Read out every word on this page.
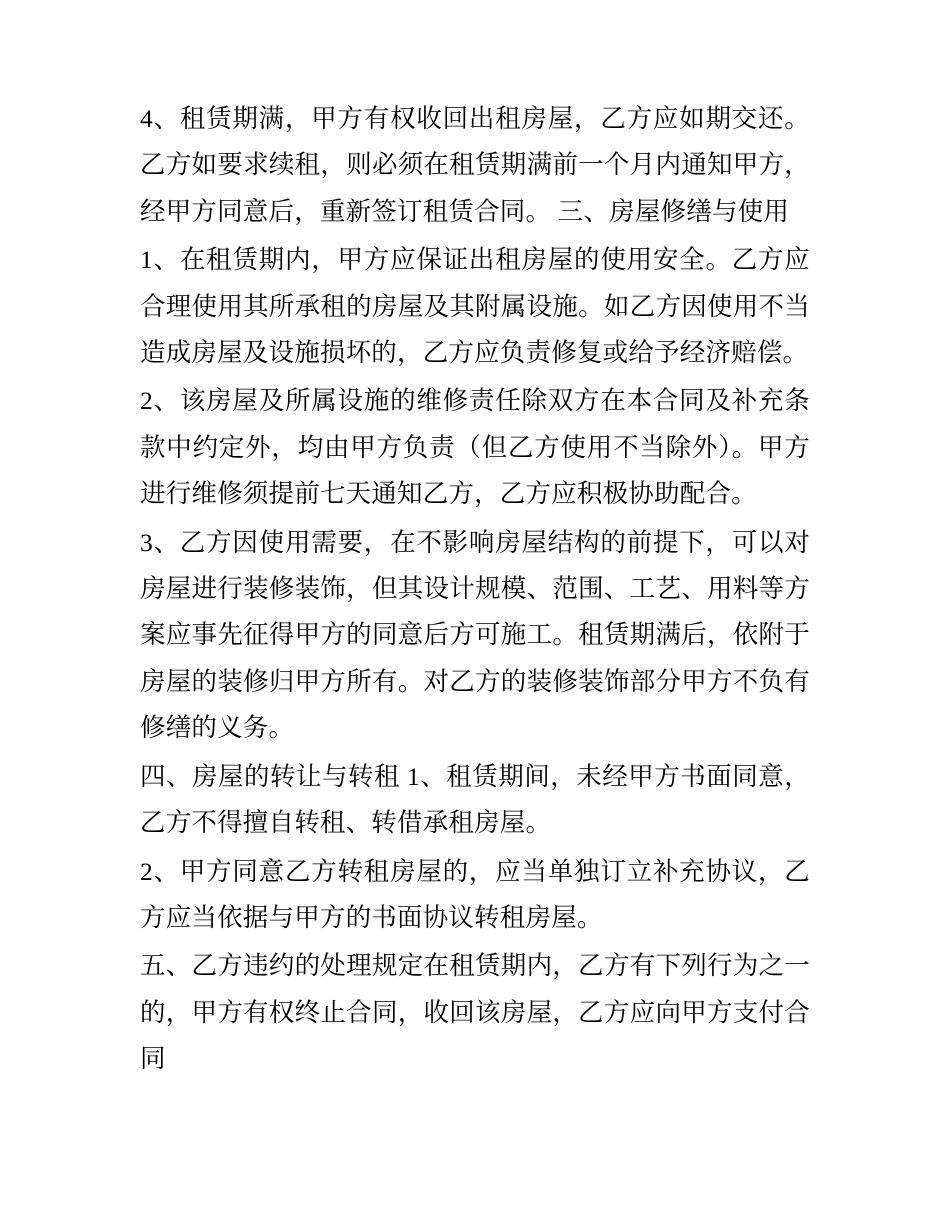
4、租赁期满，甲方有权收回出租房屋，乙方应如期交还。乙方如要求续租，则必须在租赁期满前一个月内通知甲方，经甲方同意后，重新签订租赁合同。 三、房屋修缮与使用

1、在租赁期内，甲方应保证出租房屋的使用安全。乙方应合理使用其所承租的房屋及其附属设施。如乙方因使用不当造成房屋及设施损坏的，乙方应负责修复或给予经济赔偿。

2、该房屋及所属设施的维修责任除双方在本合同及补充条款中约定外，均由甲方负责（但乙方使用不当除外）。甲方进行维修须提前七天通知乙方，乙方应积极协助配合。

3、乙方因使用需要，在不影响房屋结构的前提下，可以对房屋进行装修装饰，但其设计规模、范围、工艺、用料等方案应事先征得甲方的同意后方可施工。租赁期满后，依附于房屋的装修归甲方所有。对乙方的装修装饰部分甲方不负有修缮的义务。

四、房屋的转让与转租 1、租赁期间，未经甲方书面同意，乙方不得擅自转租、转借承租房屋。

2、甲方同意乙方转租房屋的，应当单独订立补充协议，乙方应当依据与甲方的书面协议转租房屋。

五、乙方违约的处理规定在租赁期内，乙方有下列行为之一的，甲方有权终止合同，收回该房屋，乙方应向甲方支付合同
